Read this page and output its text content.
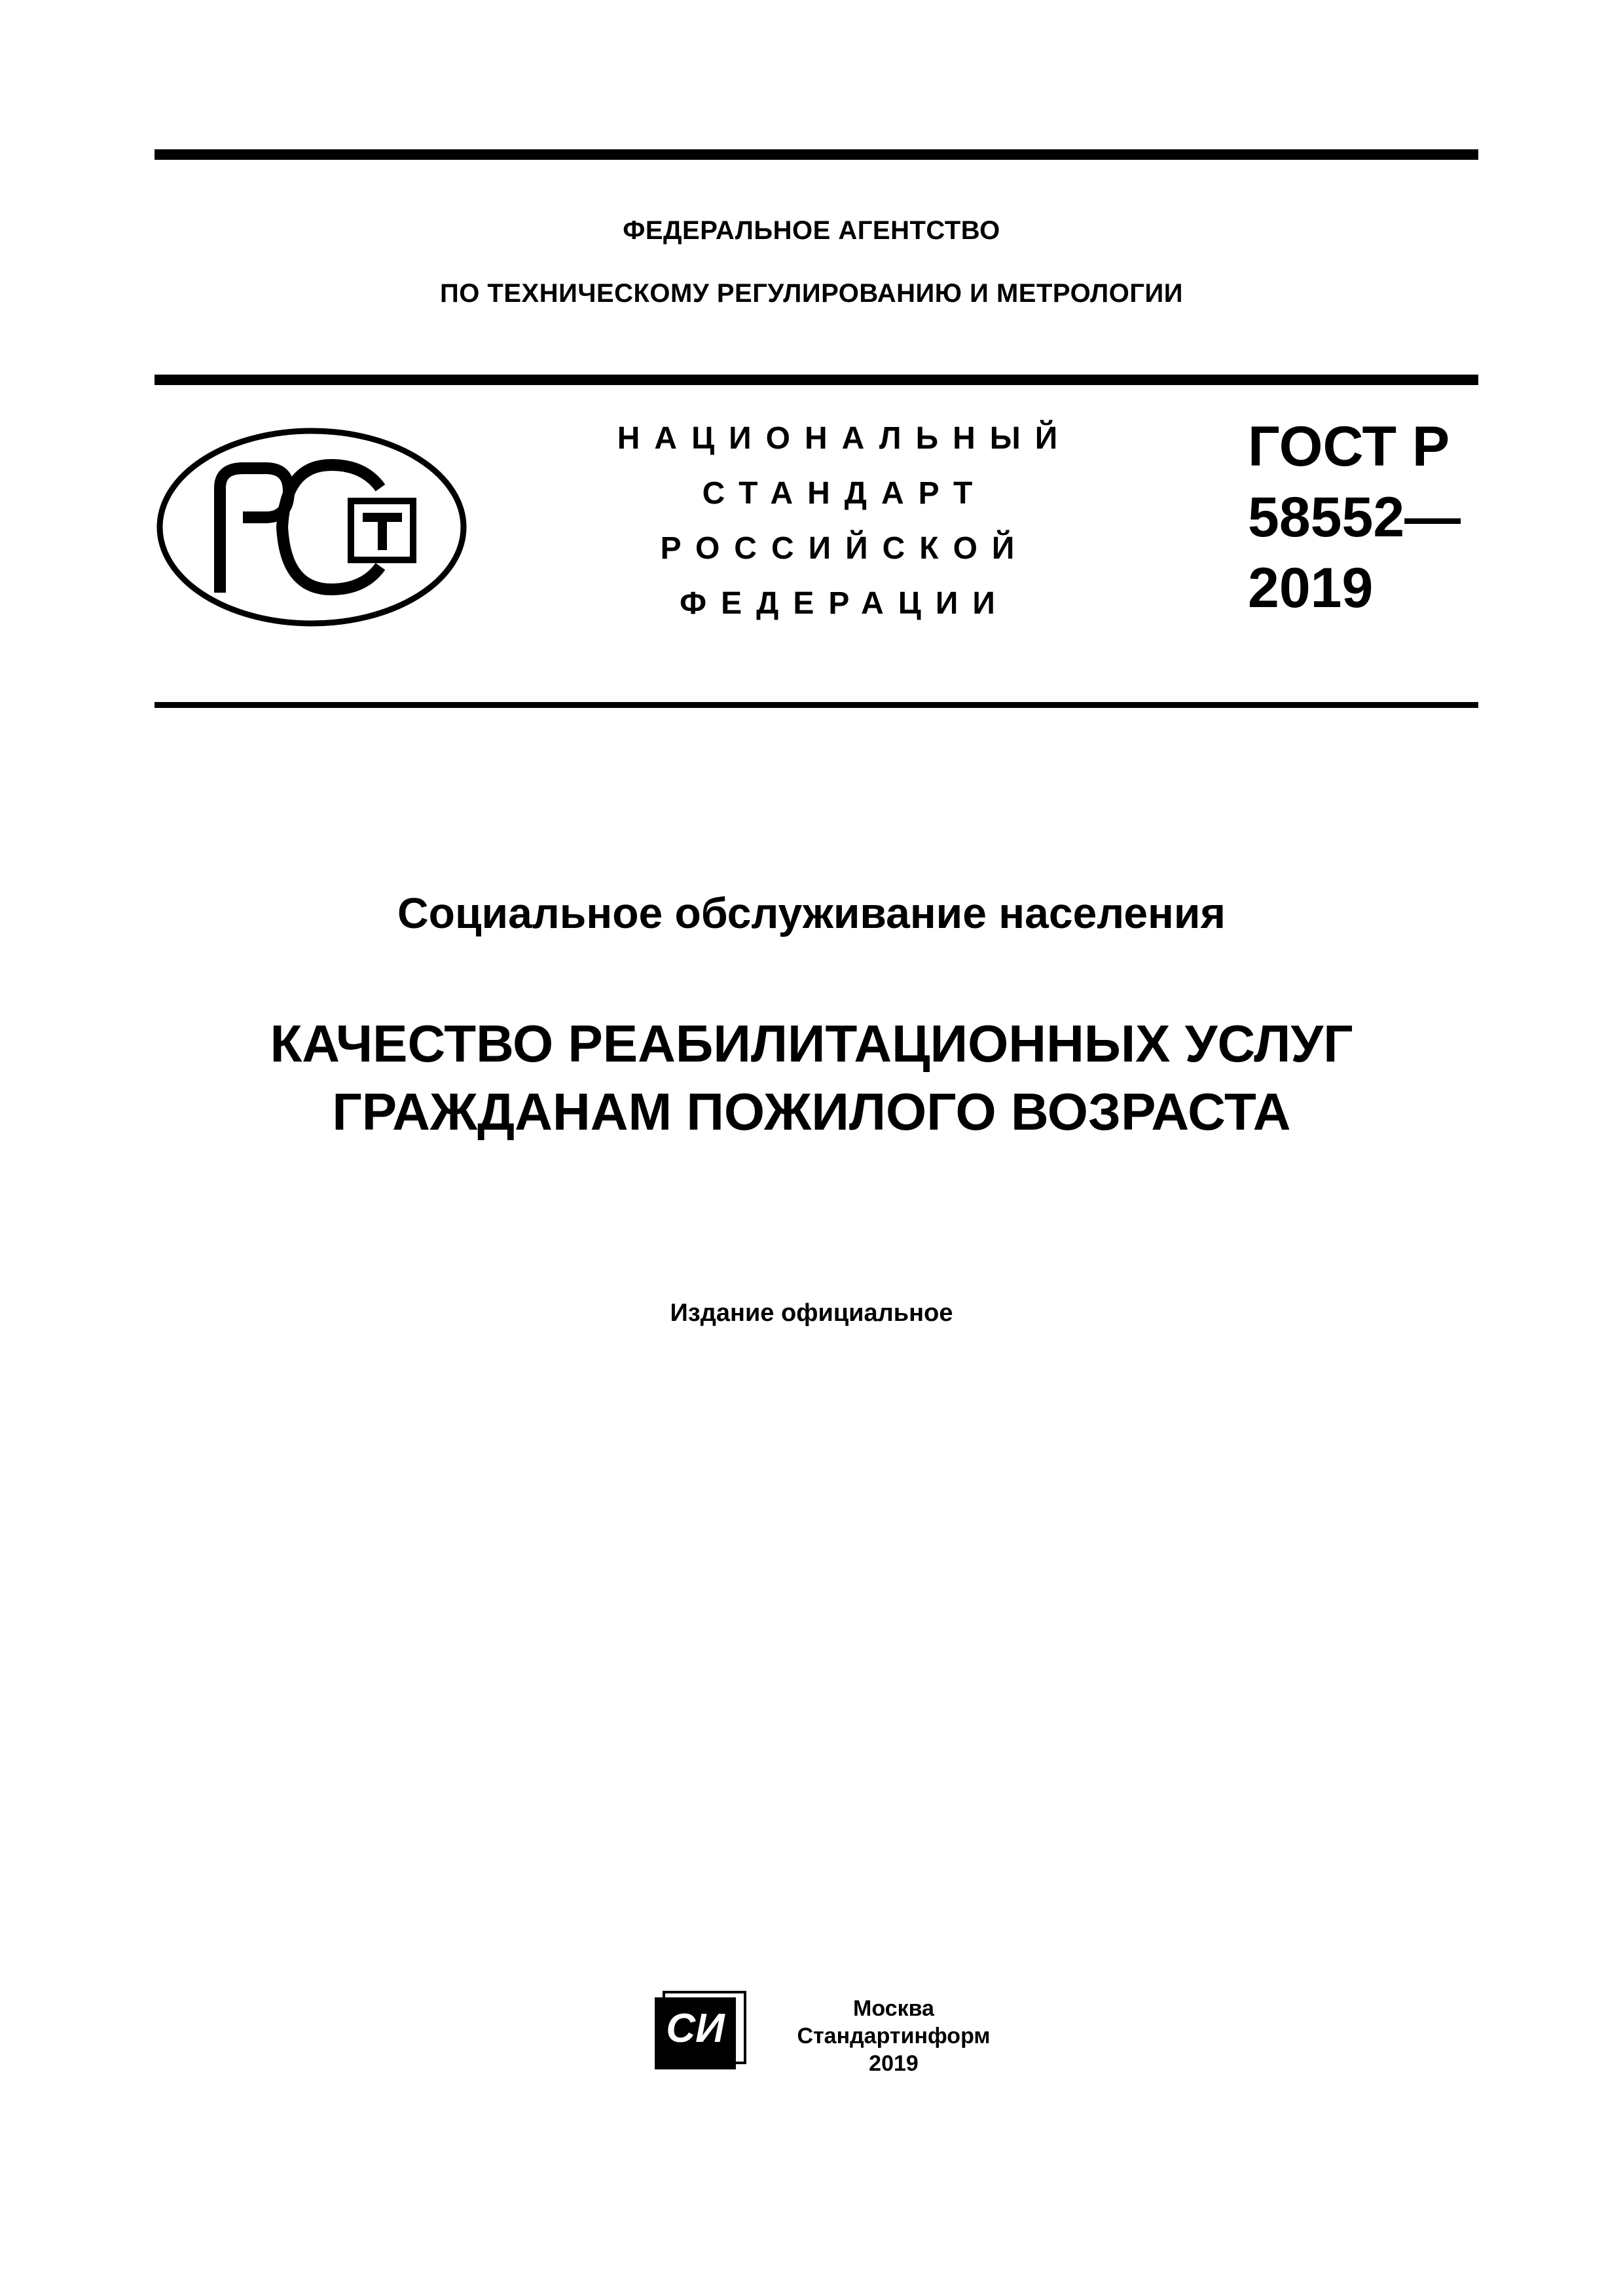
ФЕДЕРАЛЬНОЕ АГЕНТСТВО
ПО ТЕХНИЧЕСКОМУ РЕГУЛИРОВАНИЮ И МЕТРОЛОГИИ
НАЦИОНАЛЬНЫЙ
СТАНДАРТ
РОССИЙСКОЙ
ФЕДЕРАЦИИ
ГОСТ Р
58552—
2019
Социальное обслуживание населения
КАЧЕСТВО РЕАБИЛИТАЦИОННЫХ УСЛУГ
ГРАЖДАНАМ ПОЖИЛОГО ВОЗРАСТА
Издание официальное
СИ	Москва
Стандартинформ
2019
